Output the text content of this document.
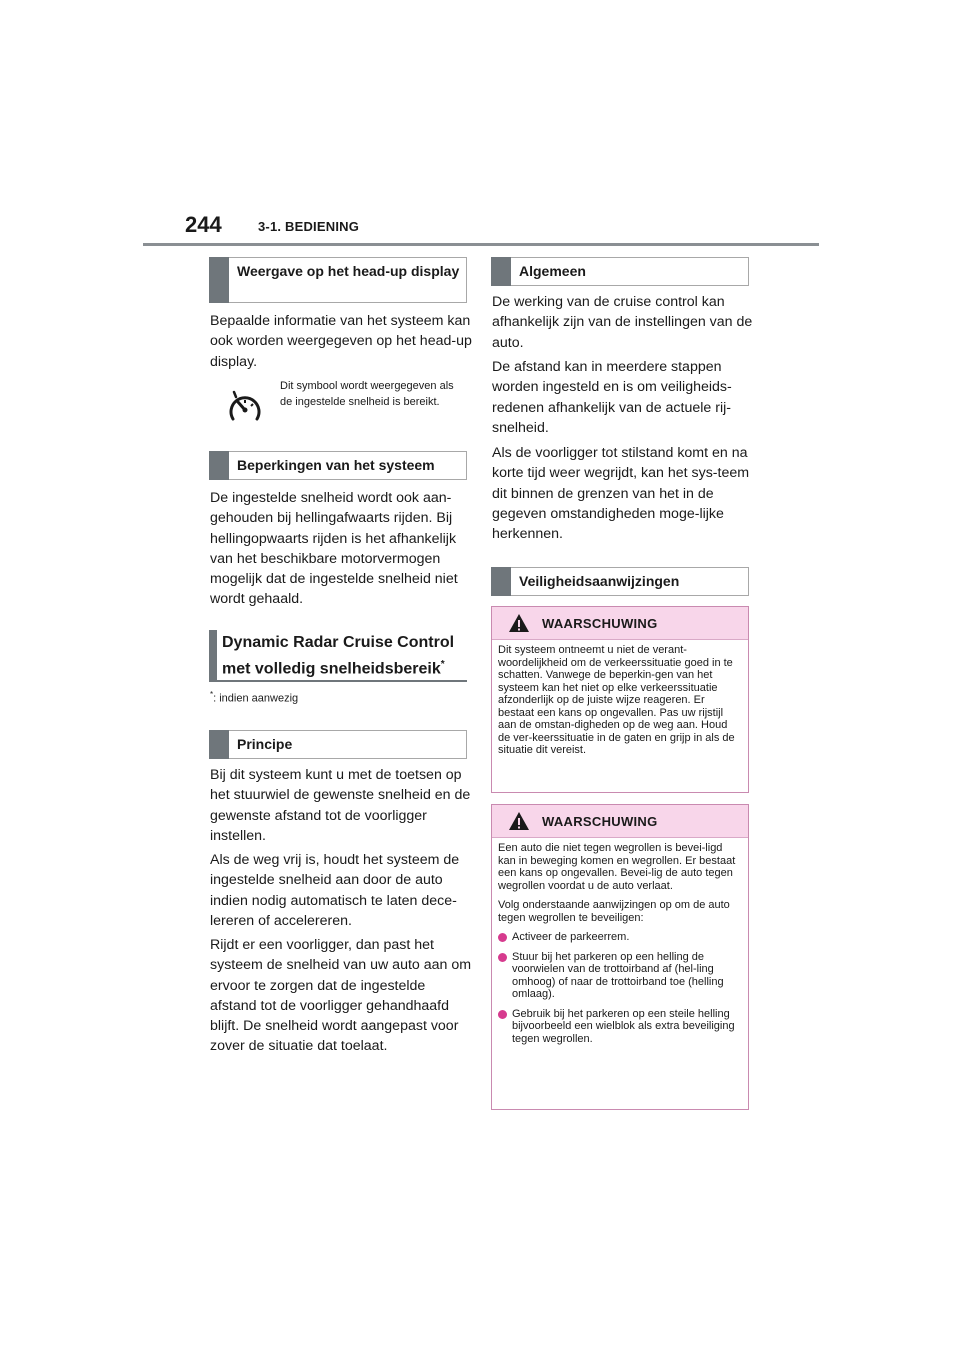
244	3-1. BEDIENING
Weergave op het head-up display

Bepaalde informatie van het systeem kan ook worden weergegeven op het head-up display.

Dit symbool wordt weergegeven als de ingestelde snelheid is bereikt.
Beperkingen van het systeem

De ingestelde snelheid wordt ook aan-gehouden bij hellingafwaarts rijden. Bij hellingopwaarts rijden is het afhankelijk van het beschikbare motorvermogen mogelijk dat de ingestelde snelheid niet wordt gehaald.

Dynamic Radar Cruise Control met volledig snelheidsbereik*
*: indien aanwezig
Principe

Bij dit systeem kunt u met de toetsen op het stuurwiel de gewenste snelheid en de gewenste afstand tot de voorligger instellen.

Als de weg vrij is, houdt het systeem de ingestelde snelheid aan door de auto indien nodig automatisch te laten dece-lereren of accelereren.

Rijdt er een voorligger, dan past het systeem de snelheid van uw auto aan om ervoor te zorgen dat de ingestelde afstand tot de voorligger gehandhaafd blijft. De snelheid wordt aangepast voor zover de situatie dat toelaat.

Algemeen

De werking van de cruise control kan afhankelijk zijn van de instellingen van de auto.

De afstand kan in meerdere stappen worden ingesteld en is om veiligheids-redenen afhankelijk van de actuele rij-snelheid.

Als de voorligger tot stilstand komt en na korte tijd weer wegrijdt, kan het sys-teem dit binnen de grenzen van het in de gegeven omstandigheden moge-lijke herkennen.

Veiligheidsaanwijzingen
WAARSCHUWING

Dit systeem ontneemt u niet de verant-woordelijkheid om de verkeerssituatie goed in te schatten. Vanwege de beperkin-gen van het systeem kan het niet op elke verkeerssituatie afzonderlijk op de juiste wijze reageren. Er bestaat een kans op ongevallen. Pas uw rijstijl aan de omstan-digheden op de weg aan. Houd de ver-keerssituatie in de gaten en grijp in als de situatie dit vereist.

WAARSCHUWING

Een auto die niet tegen wegrollen is bevei-ligd kan in beweging komen en wegrollen. Er bestaat een kans op ongevallen. Bevei-lig de auto tegen wegrollen voordat u de auto verlaat.

Volg onderstaande aanwijzingen op om de auto tegen wegrollen te beveiligen:

Activeer de parkeerrem.
Stuur bij het parkeren op een helling de voorwielen van de trottoirband af (hel-ling omhoog) of naar de trottoirband toe (helling omlaag).
Gebruik bij het parkeren op een steile helling bijvoorbeeld een wielblok als extra beveiliging tegen wegrollen.
